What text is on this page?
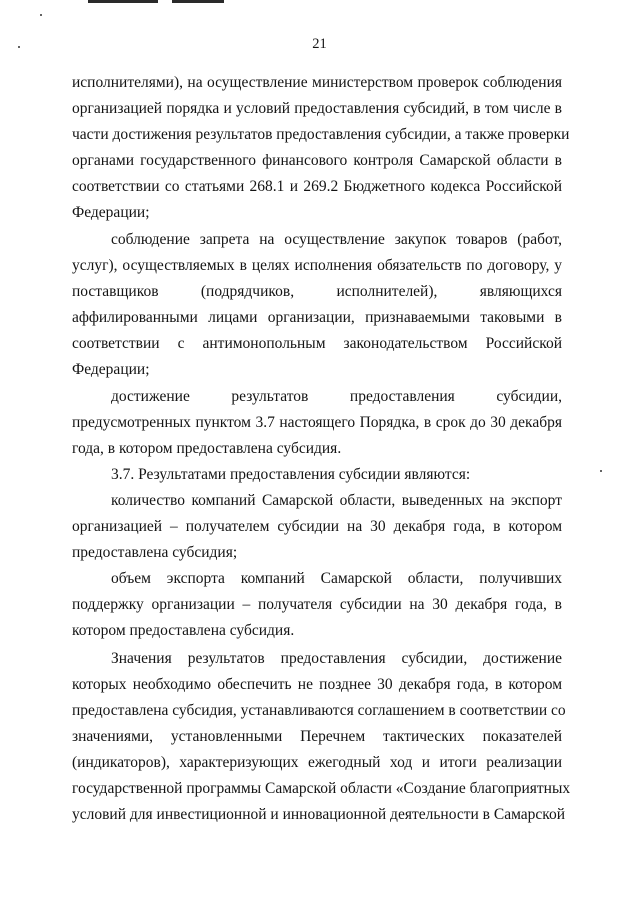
21
исполнителями), на осуществление министерством проверок соблюдения
организацией порядка и условий предоставления субсидий, в том числе в
части достижения результатов предоставления субсидии, а также проверки
органами государственного финансового контроля Самарской области в
соответствии со статьями 268.1 и 269.2 Бюджетного кодекса Российской
Федерации;
соблюдение запрета на осуществление закупок товаров (работ,
услуг), осуществляемых в целях исполнения обязательств по договору, у
поставщиков (подрядчиков, исполнителей), являющихся
аффилированными лицами организации, признаваемыми таковыми в
соответствии с антимонопольным законодательством Российской
Федерации;
достижение результатов предоставления субсидии,
предусмотренных пунктом 3.7 настоящего Порядка, в срок до 30 декабря
года, в котором предоставлена субсидия.
3.7. Результатами предоставления субсидии являются:
количество компаний Самарской области, выведенных на экспорт
организацией – получателем субсидии на 30 декабря года, в котором
предоставлена субсидия;
объем экспорта компаний Самарской области, получивших
поддержку организации – получателя субсидии на 30 декабря года, в
котором предоставлена субсидия.
Значения результатов предоставления субсидии, достижение
которых необходимо обеспечить не позднее 30 декабря года, в котором
предоставлена субсидия, устанавливаются соглашением в соответствии со
значениями, установленными Перечнем тактических показателей
(индикаторов), характеризующих ежегодный ход и итоги реализации
государственной программы Самарской области «Создание благоприятных
условий для инвестиционной и инновационной деятельности в Самарской
